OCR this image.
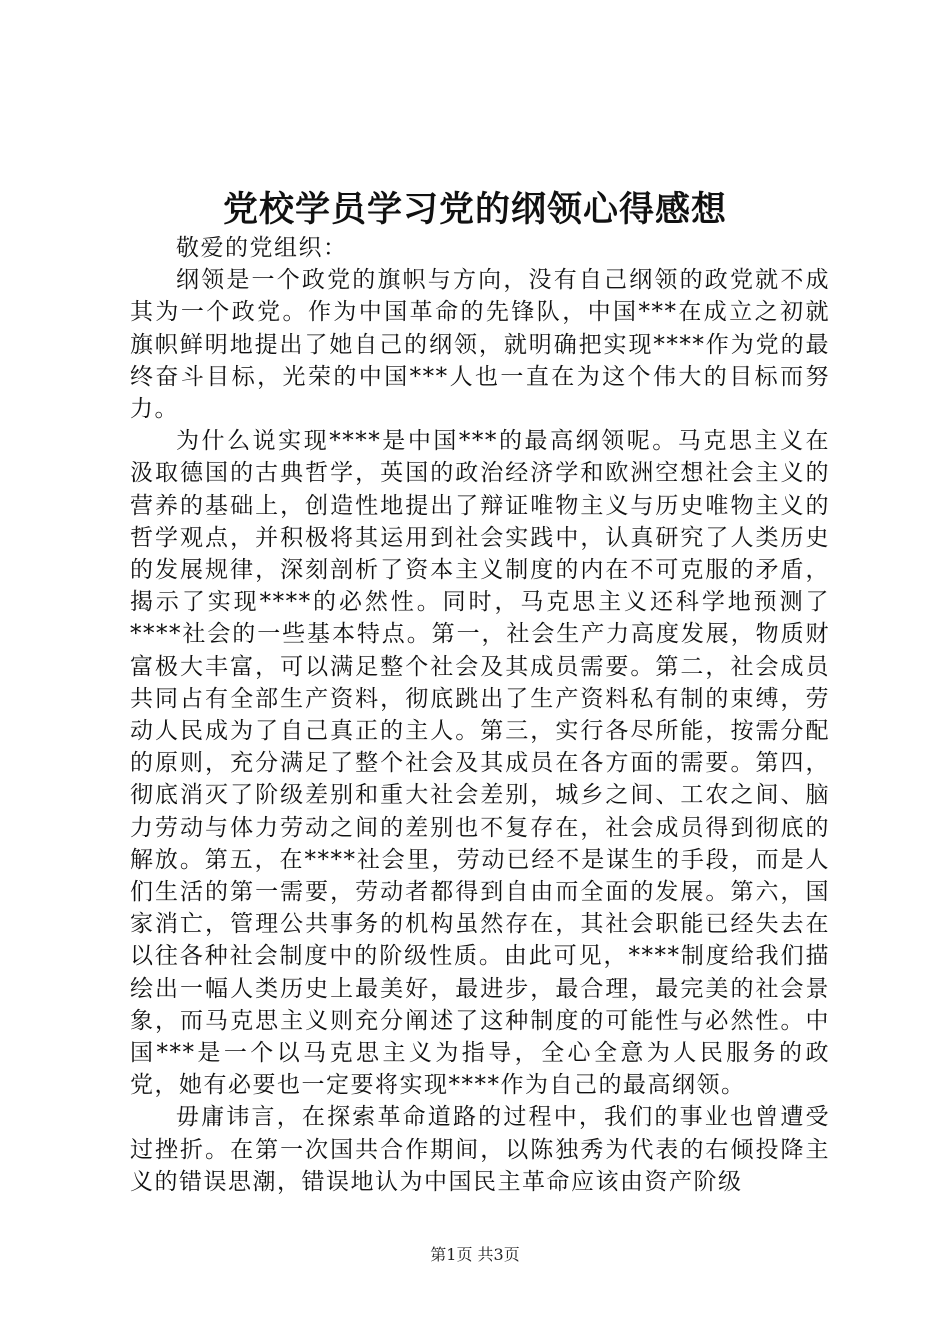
党校学员学习党的纲领心得感想

敬爱的党组织：

纲领是一个政党的旗帜与方向，没有自己纲领的政党就不成其为一个政党。作为中国革命的先锋队，中国***在成立之初就旗帜鲜明地提出了她自己的纲领，就明确把实现****作为党的最终奋斗目标，光荣的中国***人也一直在为这个伟大的目标而努力。

为什么说实现****是中国***的最高纲领呢。马克思主义在汲取德国的古典哲学，英国的政治经济学和欧洲空想社会主义的营养的基础上，创造性地提出了辩证唯物主义与历史唯物主义的哲学观点，并积极将其运用到社会实践中，认真研究了人类历史的发展规律，深刻剖析了资本主义制度的内在不可克服的矛盾，揭示了实现****的必然性。同时，马克思主义还科学地预测了****社会的一些基本特点。第一，社会生产力高度发展，物质财富极大丰富，可以满足整个社会及其成员需要。第二，社会成员共同占有全部生产资料，彻底跳出了生产资料私有制的束缚，劳动人民成为了自己真正的主人。第三，实行各尽所能，按需分配的原则，充分满足了整个社会及其成员在各方面的需要。第四，彻底消灭了阶级差别和重大社会差别，城乡之间、工农之间、脑力劳动与体力劳动之间的差别也不复存在，社会成员得到彻底的解放。第五，在****社会里，劳动已经不是谋生的手段，而是人们生活的第一需要，劳动者都得到自由而全面的发展。第六，国家消亡，管理公共事务的机构虽然存在，其社会职能已经失去在以往各种社会制度中的阶级性质。由此可见，****制度给我们描绘出一幅人类历史上最美好，最进步，最合理，最完美的社会景象，而马克思主义则充分阐述了这种制度的可能性与必然性。中国***是一个以马克思主义为指导，全心全意为人民服务的政党，她有必要也一定要将实现****作为自己的最高纲领。

毋庸讳言，在探索革命道路的过程中，我们的事业也曾遭受过挫折。在第一次国共合作期间，以陈独秀为代表的右倾投降主义的错误思潮，错误地认为中国民主革命应该由资产阶级

第1页 共3页
